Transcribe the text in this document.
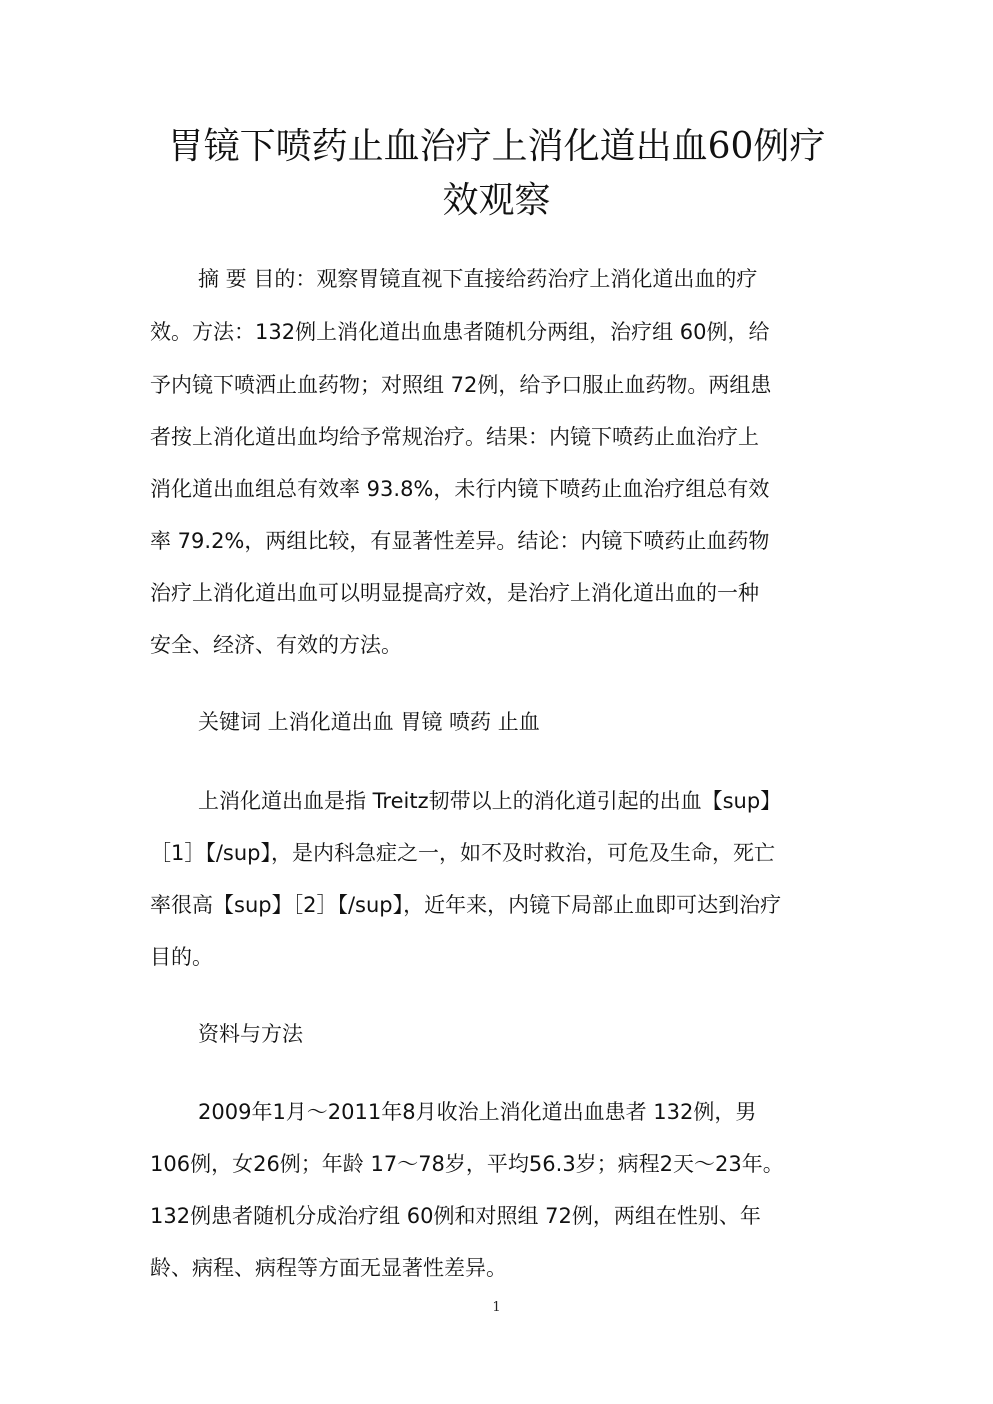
胃镜下喷药止血治疗上消化道出血60例疗
效观察
摘 要 目的：观察胃镜直视下直接给药治疗上消化道出血的疗
效。方法：132例上消化道出血患者随机分两组，治疗组 60例，给
予内镜下喷洒止血药物；对照组 72例，给予口服止血药物。两组患
者按上消化道出血均给予常规治疗。结果：内镜下喷药止血治疗上
消化道出血组总有效率 93.8%，未行内镜下喷药止血治疗组总有效
率 79.2%，两组比较，有显著性差异。结论：内镜下喷药止血药物
治疗上消化道出血可以明显提高疗效，是治疗上消化道出血的一种
安全、经济、有效的方法。
关键词 上消化道出血 胃镜 喷药 止血
上消化道出血是指 Treitz韧带以上的消化道引起的出血【sup】
［1］【/sup】，是内科急症之一，如不及时救治，可危及生命，死亡
率很高【sup】［2］【/sup】，近年来，内镜下局部止血即可达到治疗
目的。
资料与方法
2009年1月～2011年8月收治上消化道出血患者 132例，男
106例，女26例；年龄 17～78岁，平均56.3岁；病程2天～23年。
132例患者随机分成治疗组 60例和对照组 72例，两组在性别、年
龄、病程、病程等方面无显著性差异。
1
